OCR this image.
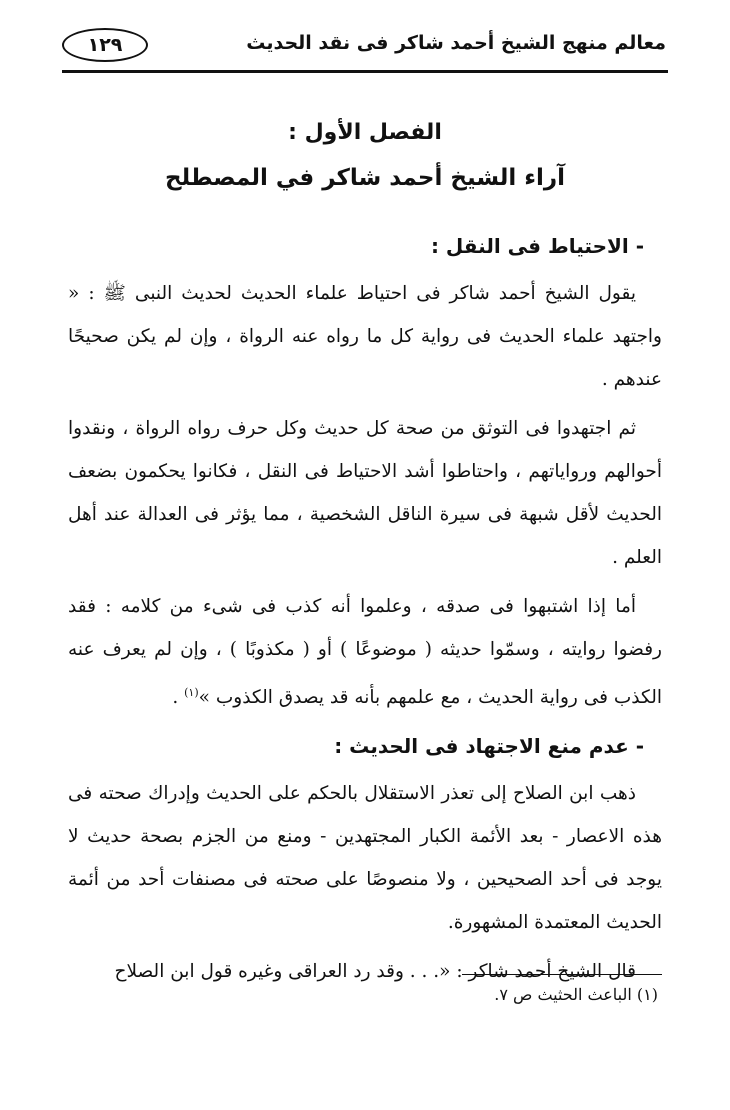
معالم منهج الشيخ أحمد شاكر فى نقد الحديث
١٢٩
الفصل الأول :
آراء الشيخ أحمد شاكر في المصطلح
- الاحتياط فى النقل :

يقول الشيخ أحمد شاكر فى احتياط علماء الحديث لحديث النبى ﷺ : « واجتهد علماء الحديث فى رواية كل ما رواه عنه الرواة ، وإن لم يكن صحيحًا عندهم .

ثم اجتهدوا فى التوثق من صحة كل حديث وكل حرف رواه الرواة ، ونقدوا أحوالهم ورواياتهم ، واحتاطوا أشد الاحتياط فى النقل ، فكانوا يحكمون بضعف الحديث لأقل شبهة فى سيرة الناقل الشخصية ، مما يؤثر فى العدالة عند أهل العلم .

أما إذا اشتبهوا فى صدقه ، وعلموا أنه كذب فى شىء من كلامه : فقد رفضوا روايته ، وسمّوا حديثه ( موضوعًا ) أو ( مكذوبًا ) ، وإن لم يعرف عنه الكذب فى رواية الحديث ، مع علمهم بأنه قد يصدق الكذوب »$^{(١)}$ .

- عدم منع الاجتهاد فى الحديث :

ذهب ابن الصلاح إلى تعذر الاستقلال بالحكم على الحديث وإدراك صحته فى هذه الاعصار - بعد الأئمة الكبار المجتهدين - ومنع من الجزم بصحة حديث لا يوجد فى أحد الصحيحين ، ولا منصوصًا على صحته فى مصنفات أحد من أئمة الحديث المعتمدة المشهورة.

قال الشيخ أحمد شاكر : «. . . وقد رد العراقى وغيره قول ابن الصلاح

(١) الباعث الحثيث ص ٧.
